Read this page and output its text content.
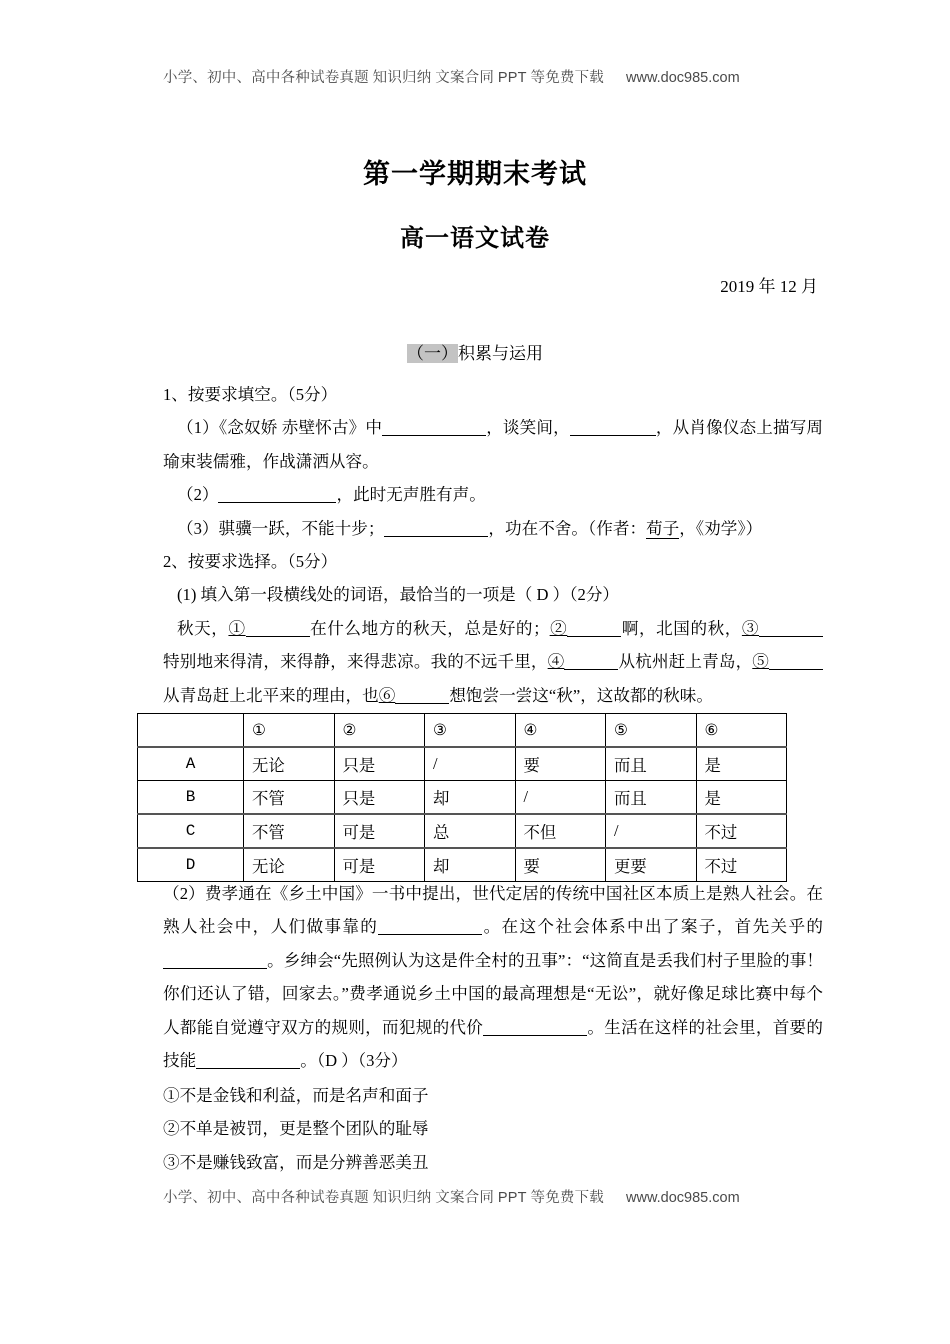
小学、初中、高中各种试卷真题 知识归纳 文案合同 PPT 等免费下载 www.doc985.com
第一学期期末考试
高一语文试卷
2019 年 12 月
（一）积累与运用

1、按要求填空。（5分）

（1）《念奴娇 赤壁怀古》中	，谈笑间，	，从肖像仪态上描写周瑜束装儒雅，作战潇洒从容。

（2）	，此时无声胜有声。

（3）骐骥一跃，不能十步；	，功在不舍。（作者：荀子，《劝学》）

2、按要求选择。（5分）

(1) 填入第一段横线处的词语，最恰当的一项是（ D ）（2分）

秋天，①	在什么地方的秋天，总是好的；②	啊，北国的秋，③特别地来得清，来得静，来得悲凉。我的不远千里，④	从杭州赶上青岛，⑤从青岛赶上北平来的理由，也⑥	想饱尝一尝这“秋”，这故都的秋味。

	①	②	③	④	⑤	⑥
A	无论	只是	/	要	而且	是
B	不管	只是	却	/	而且	是
C	不管	可是	总	不但	/	不过
D	无论	可是	却	要	更要	不过

（2）费孝通在《乡土中国》一书中提出，世代定居的传统中国社区本质上是熟人社会。在熟人社会中，人们做事靠的	。在这个社会体系中出了案子，首先关乎的。乡绅会“先照例认为这是件全村的丑事”：“这简直是丢我们村子里脸的事！你们还认了错，回家去。”费孝通说乡土中国的最高理想是“无讼”，就好像足球比赛中每个人都能自觉遵守双方的规则，而犯规的代价	。生活在这样的社会里，首要的技能	。（D ）（3分）

①不是金钱和利益，而是名声和面子

②不单是被罚，更是整个团队的耻辱

③不是赚钱致富，而是分辨善恶美丑

小学、初中、高中各种试卷真题 知识归纳 文案合同 PPT 等免费下载 www.doc985.com
